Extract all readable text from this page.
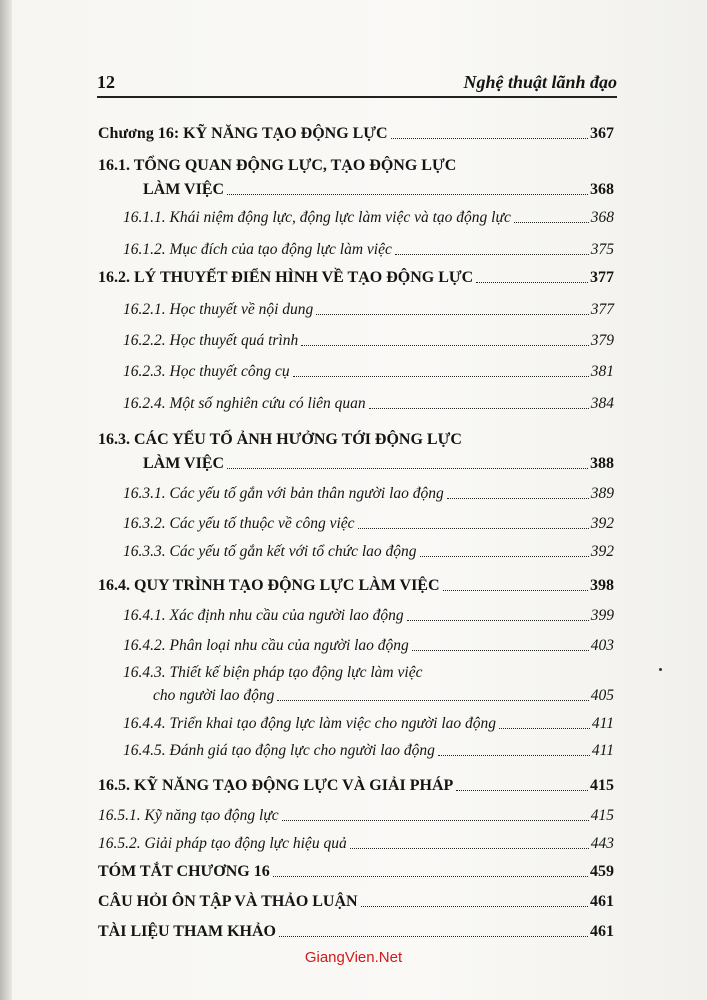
12	Nghệ thuật lãnh đạo
Chương 16: KỸ NĂNG TẠO ĐỘNG LỰC	367
16.1. TỔNG QUAN ĐỘNG LỰC, TẠO ĐỘNG LỰC
LÀM VIỆC	368
16.1.1. Khái niệm động lực, động lực làm việc và tạo động lực	368
16.1.2. Mục đích của tạo động lực làm việc	375
16.2. LÝ THUYẾT ĐIỂN HÌNH VỀ TẠO ĐỘNG LỰC	377
16.2.1. Học thuyết về nội dung	377
16.2.2. Học thuyết quá trình	379
16.2.3. Học thuyết công cụ	381
16.2.4. Một số nghiên cứu có liên quan	384
16.3. CÁC YẾU TỐ ẢNH HƯỞNG TỚI ĐỘNG LỰC
LÀM VIỆC	388
16.3.1. Các yếu tố gắn với bản thân người lao động	389
16.3.2. Các yếu tố thuộc về công việc	392
16.3.3. Các yếu tố gắn kết với tổ chức lao động	392
16.4. QUY TRÌNH TẠO ĐỘNG LỰC LÀM VIỆC	398
16.4.1. Xác định nhu cầu của người lao động	399
16.4.2. Phân loại nhu cầu của người lao động	403
16.4.3. Thiết kế biện pháp tạo động lực làm việc
cho người lao động	405
16.4.4. Triển khai tạo động lực làm việc cho người lao động	411
16.4.5. Đánh giá tạo động lực cho người lao động	411
16.5. KỸ NĂNG TẠO ĐỘNG LỰC VÀ GIẢI PHÁP	415
16.5.1. Kỹ năng tạo động lực	415
16.5.2. Giải pháp tạo động lực hiệu quả	443
TÓM TẮT CHƯƠNG 16	459
CÂU HỎI ÔN TẬP VÀ THẢO LUẬN	461
TÀI LIỆU THAM KHẢO	461
GiangVien.Net
